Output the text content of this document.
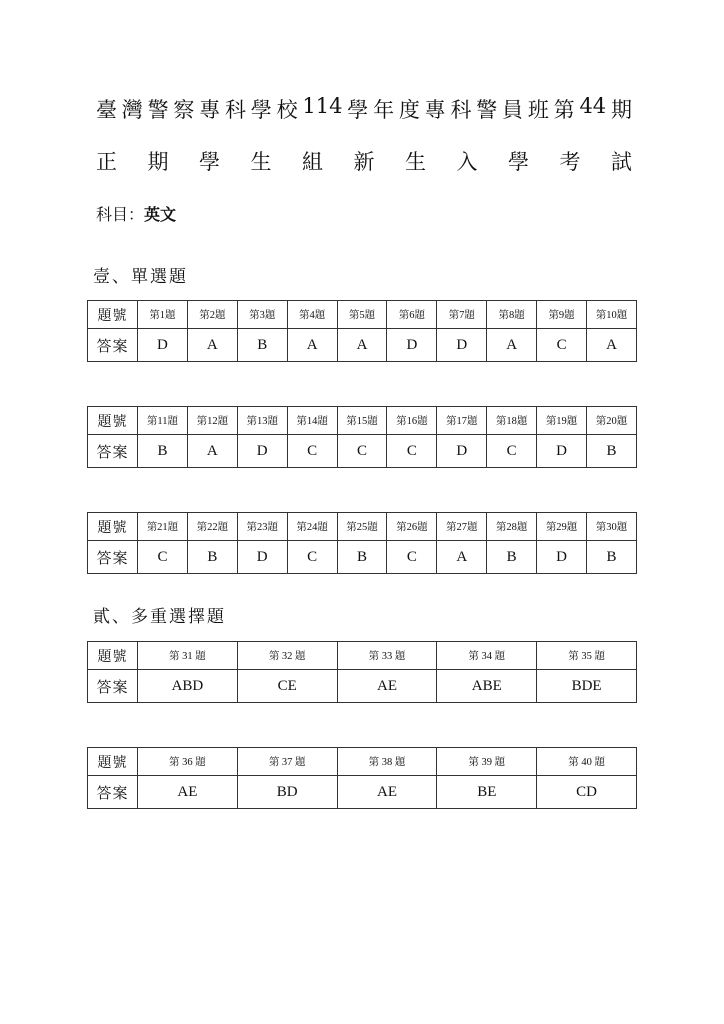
臺 灣 警 察 專 科 學 校 114 學 年 度 專 科 警 員 班 第 44 期
正 期 學 生 組 新 生 入 學 考 試
科目：英文
壹、單選題
題號	第1題	第2題	第3題	第4題	第5題	第6題	第7題	第8題	第9題	第10題
答案	D	A	B	A	A	D	D	A	C	A
題號	第11題	第12題	第13題	第14題	第15題	第16題	第17題	第18題	第19題	第20題
答案	B	A	D	C	C	C	D	C	D	B
題號	第21題	第22題	第23題	第24題	第25題	第26題	第27題	第28題	第29題	第30題
答案	C	B	D	C	B	C	A	B	D	B
貳、多重選擇題
題號	第 31 題	第 32 題	第 33 題	第 34 題	第 35 題
答案	ABD	CE	AE	ABE	BDE
題號	第 36 題	第 37 題	第 38 題	第 39 題	第 40 題
答案	AE	BD	AE	BE	CD
